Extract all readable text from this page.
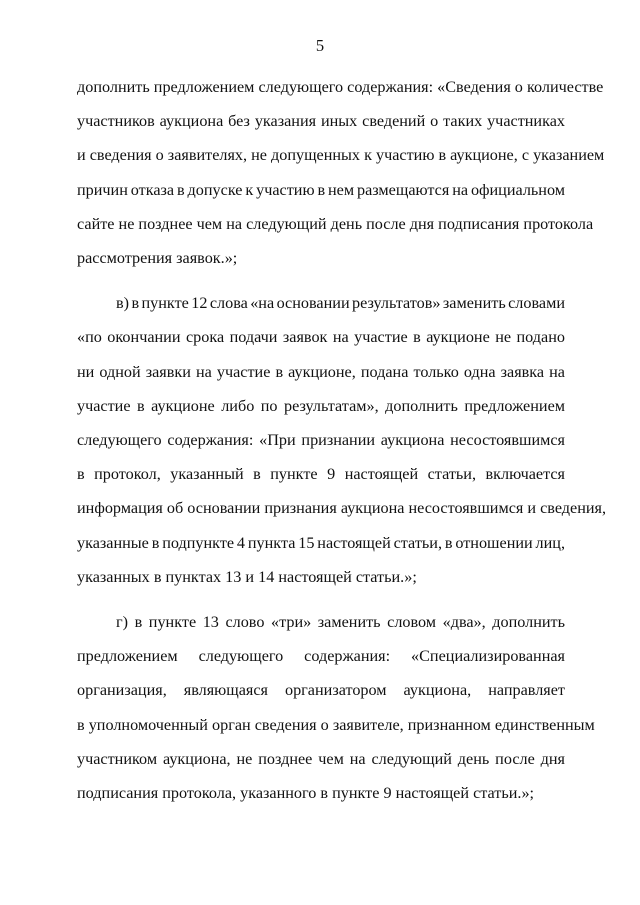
5

дополнить предложением следующего содержания: «Сведения о количестве
участников аукциона без указания иных сведений о таких участниках
и сведения о заявителях, не допущенных к участию в аукционе, с указанием
причин отказа в допуске к участию в нем размещаются на официальном
сайте не позднее чем на следующий день после дня подписания протокола
рассмотрения заявок.»;

в) в пункте 12 слова «на основании результатов» заменить словами
«по окончании срока подачи заявок на участие в аукционе не подано
ни одной заявки на участие в аукционе, подана только одна заявка на
участие в аукционе либо по результатам», дополнить предложением
следующего содержания: «При признании аукциона несостоявшимся
в протокол, указанный в пункте 9 настоящей статьи, включается
информация об основании признания аукциона несостоявшимся и сведения,
указанные в подпункте 4 пункта 15 настоящей статьи, в отношении лиц,
указанных в пунктах 13 и 14 настоящей статьи.»;

г) в пункте 13 слово «три» заменить словом «два», дополнить
предложением следующего содержания: «Специализированная
организация, являющаяся организатором аукциона, направляет
в уполномоченный орган сведения о заявителе, признанном единственным
участником аукциона, не позднее чем на следующий день после дня
подписания протокола, указанного в пункте 9 настоящей статьи.»;
